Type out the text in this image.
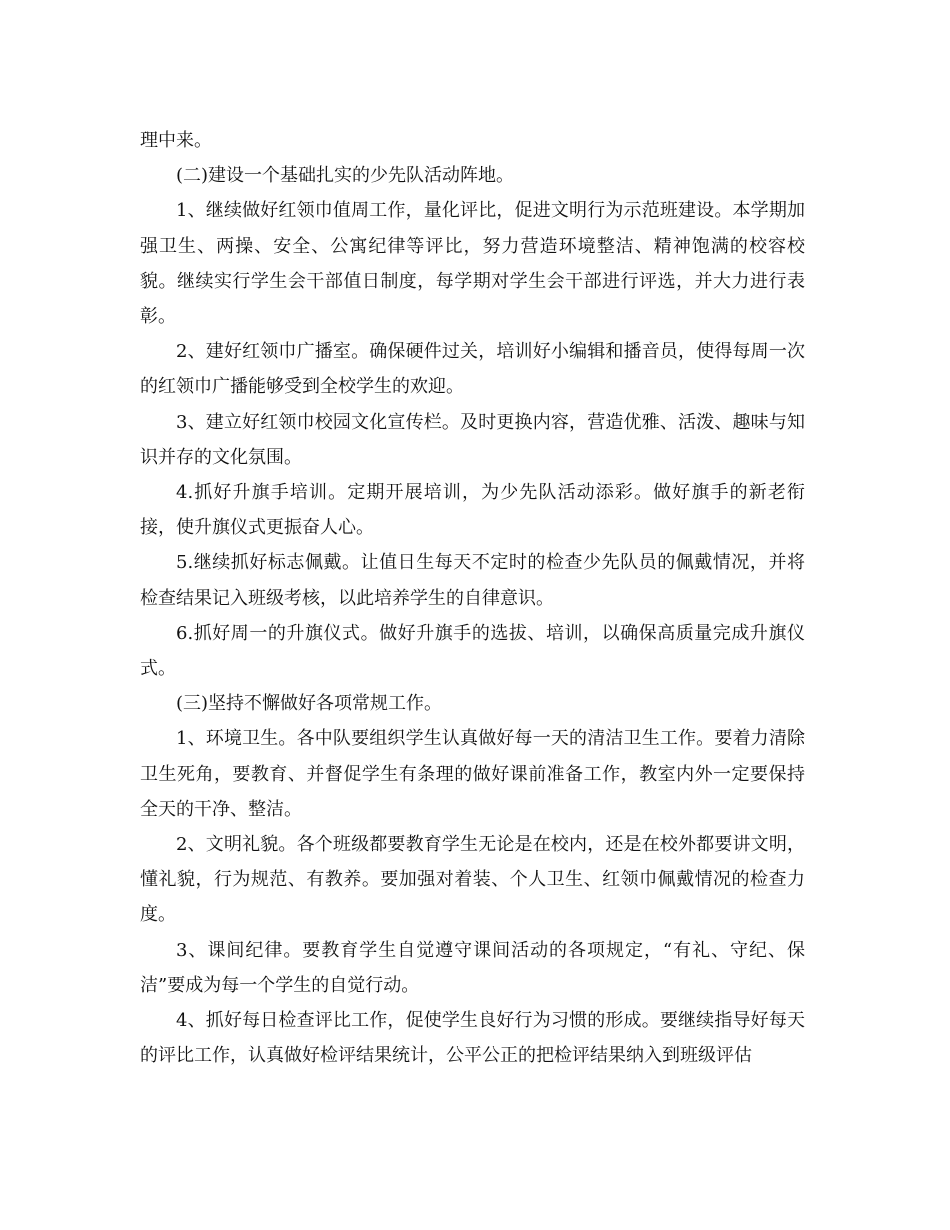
理中来。

(二)建设一个基础扎实的少先队活动阵地。

1、继续做好红领巾值周工作，量化评比，促进文明行为示范班建设。本学期加强卫生、两操、安全、公寓纪律等评比，努力营造环境整洁、精神饱满的校容校貌。继续实行学生会干部值日制度，每学期对学生会干部进行评选，并大力进行表彰。

2、建好红领巾广播室。确保硬件过关，培训好小编辑和播音员，使得每周一次的红领巾广播能够受到全校学生的欢迎。

3、建立好红领巾校园文化宣传栏。及时更换内容，营造优雅、活泼、趣味与知识并存的文化氛围。

4.抓好升旗手培训。定期开展培训，为少先队活动添彩。做好旗手的新老衔接，使升旗仪式更振奋人心。

5.继续抓好标志佩戴。让值日生每天不定时的检查少先队员的佩戴情况，并将检查结果记入班级考核，以此培养学生的自律意识。

6.抓好周一的升旗仪式。做好升旗手的选拔、培训，以确保高质量完成升旗仪式。

(三)坚持不懈做好各项常规工作。

1、环境卫生。各中队要组织学生认真做好每一天的清洁卫生工作。要着力清除卫生死角，要教育、并督促学生有条理的做好课前准备工作，教室内外一定要保持全天的干净、整洁。

2、文明礼貌。各个班级都要教育学生无论是在校内，还是在校外都要讲文明，懂礼貌，行为规范、有教养。要加强对着装、个人卫生、红领巾佩戴情况的检查力度。

3、课间纪律。要教育学生自觉遵守课间活动的各项规定，“有礼、守纪、保洁”要成为每一个学生的自觉行动。

4、抓好每日检查评比工作，促使学生良好行为习惯的形成。要继续指导好每天的评比工作，认真做好检评结果统计，公平公正的把检评结果纳入到班级评估
